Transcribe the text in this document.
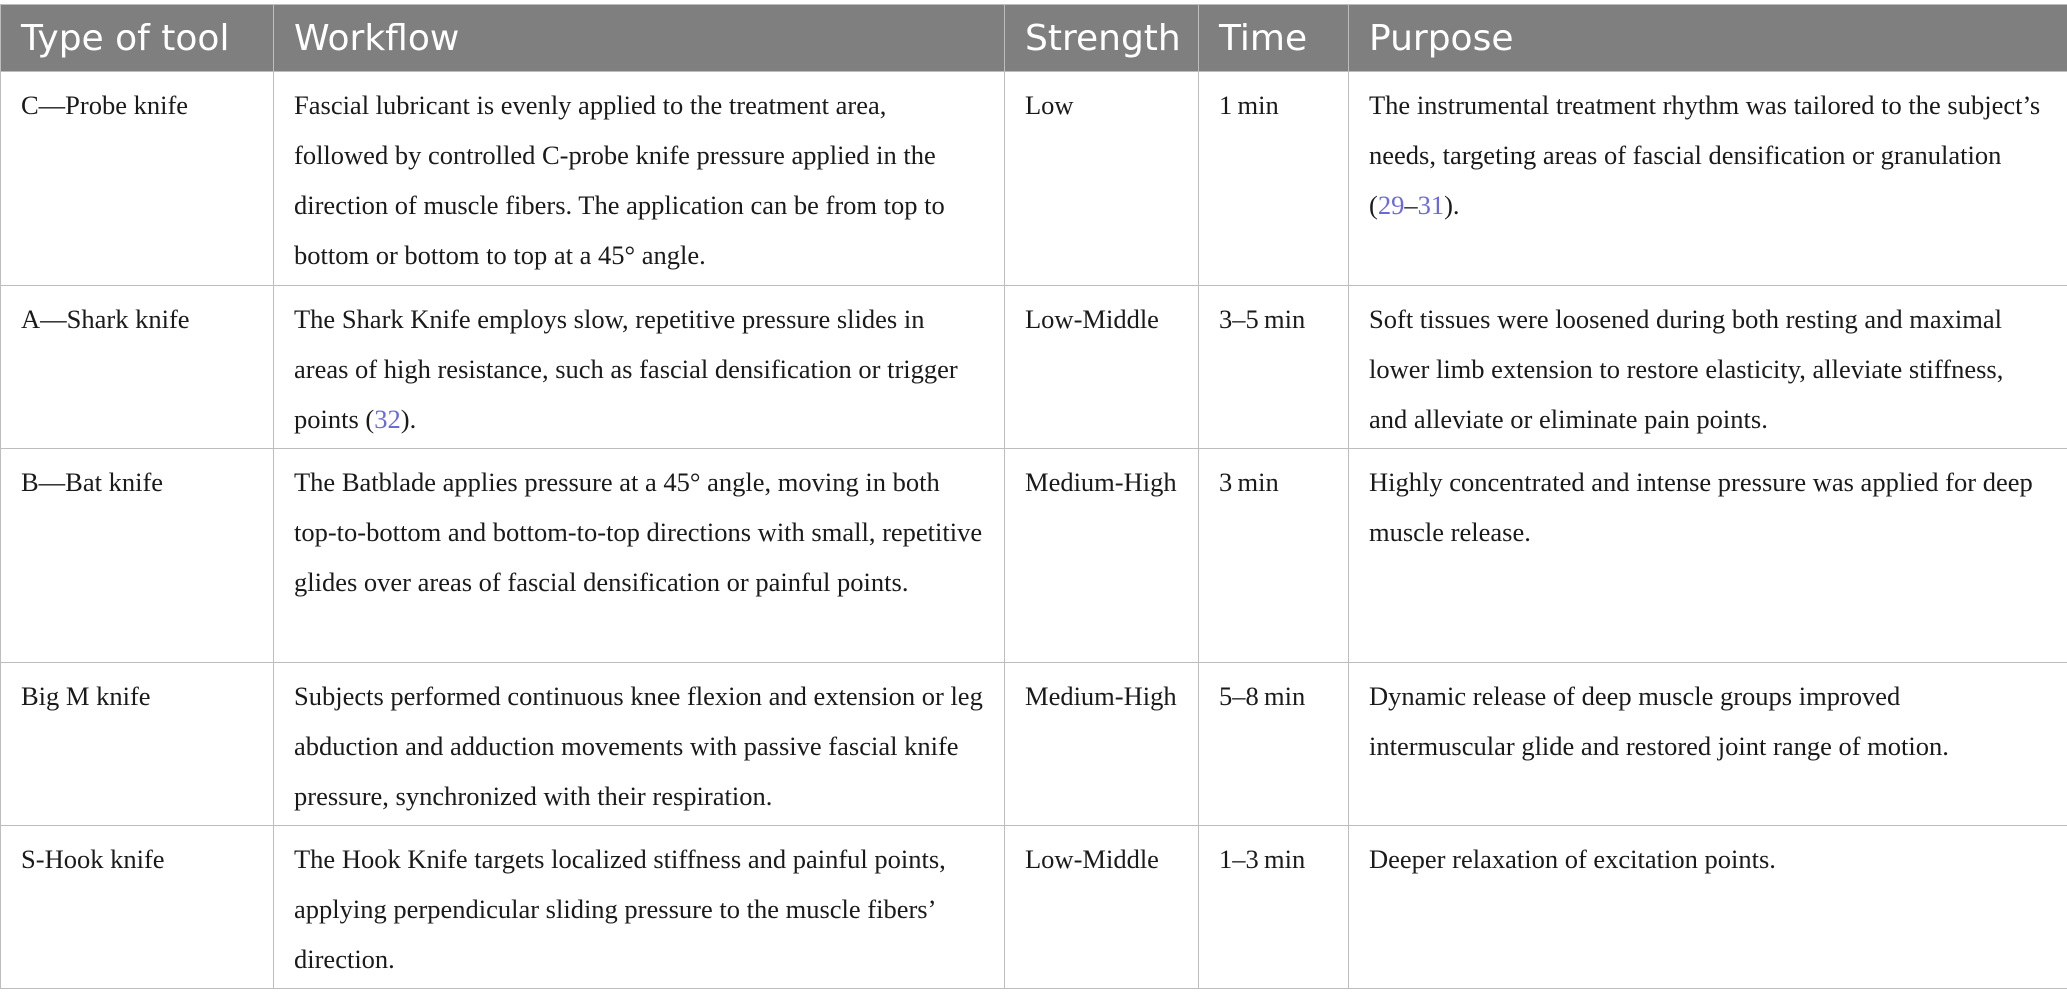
Type of tool	Workflow	Strength	Time	Purpose
C—Probe knife	Fascial lubricant is evenly applied to the treatment area, followed by controlled C-probe knife pressure applied in the direction of muscle fibers. The application can be from top to bottom or bottom to top at a 45° angle.	Low	1 min	The instrumental treatment rhythm was tailored to the subject’s needs, targeting areas of fascial densification or granulation (29–31).
A—Shark knife	The Shark Knife employs slow, repetitive pressure slides in areas of high resistance, such as fascial densification or trigger points (32).	Low-Middle	3–5 min	Soft tissues were loosened during both resting and maximal lower limb extension to restore elasticity, alleviate stiffness, and alleviate or eliminate pain points.
B—Bat knife	The Batblade applies pressure at a 45° angle, moving in both top-to-bottom and bottom-to-top directions with small, repetitive glides over areas of fascial densification or painful points.	Medium-High	3 min	Highly concentrated and intense pressure was applied for deep muscle release.
Big M knife	Subjects performed continuous knee flexion and extension or leg abduction and adduction movements with passive fascial knife pressure, synchronized with their respiration.	Medium-High	5–8 min	Dynamic release of deep muscle groups improved intermuscular glide and restored joint range of motion.
S-Hook knife	The Hook Knife targets localized stiffness and painful points, applying perpendicular sliding pressure to the muscle fibers’ direction.	Low-Middle	1–3 min	Deeper relaxation of excitation points.
